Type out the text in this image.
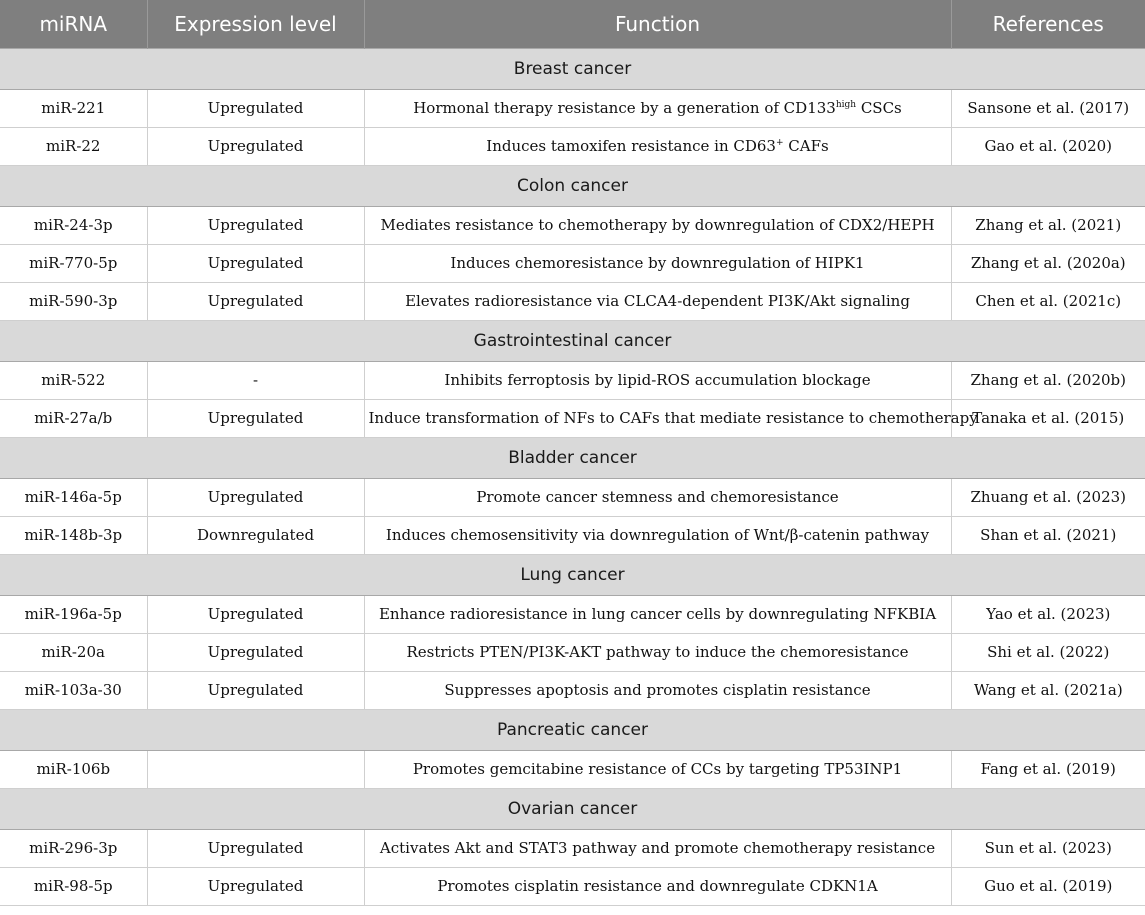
miRNA	Expression level	Function	References
Breast cancer			
miR-221	Upregulated	Hormonal therapy resistance by a generation of $CD133^{high}$ CSCs	Sansone et al. (2017)
miR-22	Upregulated	Induces tamoxifen resistance in CD63+ CAFs	Gao et al. (2020)
Colon cancer			
miR-24-3p	Upregulated	Mediates resistance to chemotherapy by downregulation of CDX2/HEPH	Zhang et al. (2021)
miR-770-5p	Upregulated	Induces chemoresistance by downregulation of HIPK1	Zhang et al. (2020a)
miR-590-3p	Upregulated	Elevates radioresistance via CLCA4-dependent PI3K/Akt signaling	Chen et al. (2021c)
Gastrointestinal cancer			
miR-522	-	Inhibits ferroptosis by lipid-ROS accumulation blockage	Zhang et al. (2020b)
miR-27a/b	Upregulated	Induce transformation of NFs to CAFs that mediate resistance to chemotherapy	Tanaka et al. (2015)
Bladder cancer			
miR-146a-5p	Upregulated	Promote cancer stemness and chemoresistance	Zhuang et al. (2023)
miR-148b-3p	Downregulated	Induces chemosensitivity via downregulation of Wnt/β-catenin pathway	Shan et al. (2021)
Lung cancer			
miR-196a-5p	Upregulated	Enhance radioresistance in lung cancer cells by downregulating NFKBIA	Yao et al. (2023)
miR-20a	Upregulated	Restricts PTEN/PI3K-AKT pathway to induce the chemoresistance	Shi et al. (2022)
miR-103a-30	Upregulated	Suppresses apoptosis and promotes cisplatin resistance	Wang et al. (2021a)
Pancreatic cancer			
miR-106b		Promotes gemcitabine resistance of CCs by targeting TP53INP1	Fang et al. (2019)
Ovarian cancer			
miR-296-3p	Upregulated	Activates Akt and STAT3 pathway and promote chemotherapy resistance	Sun et al. (2023)
miR-98-5p	Upregulated	Promotes cisplatin resistance and downregulate CDKN1A	Guo et al. (2019)
